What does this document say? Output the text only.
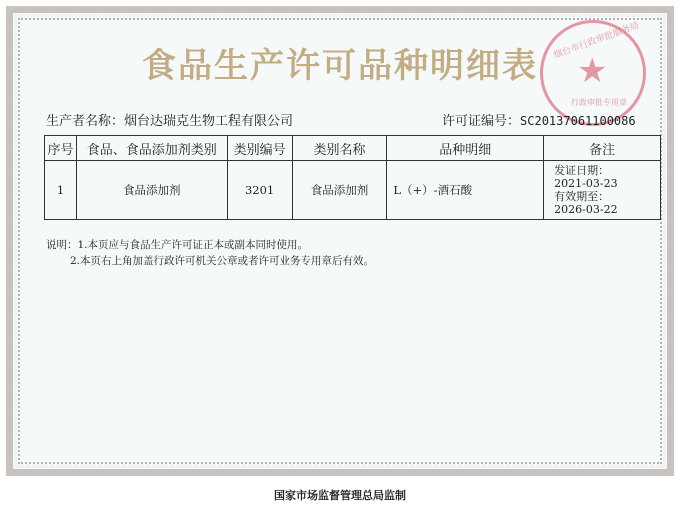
食品生产许可品种明细表
烟台市行政审批服务局
★
行政审批专用章
生产者名称：烟台达瑞克生物工程有限公司	许可证编号：SC20137061100086
序号	食品、食品添加剂类别	类别编号	类别名称	品种明细	备注
1	食品添加剂	3201	食品添加剂	L（+）-酒石酸	发证日期：
2021-03-23
有效期至：
2026-03-22
说明：1.本页应与食品生产许可证正本或副本同时使用。
2.本页右上角加盖行政许可机关公章或者许可业务专用章后有效。
国家市场监督管理总局监制
